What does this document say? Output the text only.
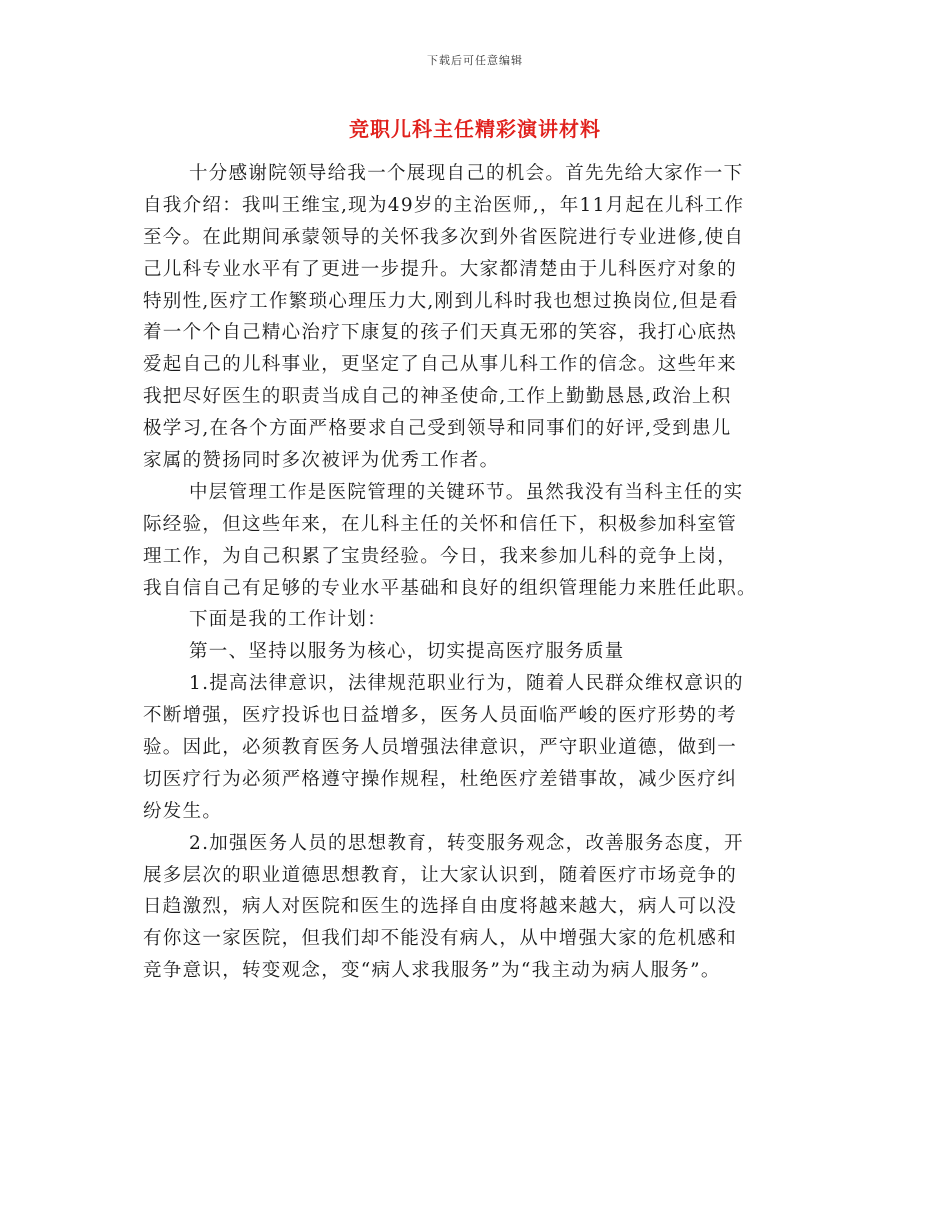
下载后可任意编辑
竞职儿科主任精彩演讲材料
十分感谢院领导给我一个展现自己的机会。首先先给大家作一下
自我介绍：我叫王维宝,现为49岁的主治医师,，年11月起在儿科工作
至今。在此期间承蒙领导的关怀我多次到外省医院进行专业进修,使自
己儿科专业水平有了更进一步提升。大家都清楚由于儿科医疗对象的
特别性,医疗工作繁琐心理压力大,刚到儿科时我也想过换岗位,但是看
着一个个自己精心治疗下康复的孩子们天真无邪的笑容，我打心底热
爱起自己的儿科事业，更坚定了自己从事儿科工作的信念。这些年来
我把尽好医生的职责当成自己的神圣使命,工作上勤勤恳恳,政治上积
极学习,在各个方面严格要求自己受到领导和同事们的好评,受到患儿
家属的赞扬同时多次被评为优秀工作者。
中层管理工作是医院管理的关键环节。虽然我没有当科主任的实
际经验，但这些年来，在儿科主任的关怀和信任下，积极参加科室管
理工作，为自己积累了宝贵经验。今日，我来参加儿科的竞争上岗，
我自信自己有足够的专业水平基础和良好的组织管理能力来胜任此职。
下面是我的工作计划：
第一、坚持以服务为核心，切实提高医疗服务质量
1.提高法律意识，法律规范职业行为，随着人民群众维权意识的
不断增强，医疗投诉也日益增多，医务人员面临严峻的医疗形势的考
验。因此，必须教育医务人员增强法律意识，严守职业道德，做到一
切医疗行为必须严格遵守操作规程，杜绝医疗差错事故，减少医疗纠
纷发生。
2.加强医务人员的思想教育，转变服务观念，改善服务态度，开
展多层次的职业道德思想教育，让大家认识到，随着医疗市场竞争的
日趋激烈，病人对医院和医生的选择自由度将越来越大，病人可以没
有你这一家医院，但我们却不能没有病人，从中增强大家的危机感和
竞争意识，转变观念，变“病人求我服务”为“我主动为病人服务”。
